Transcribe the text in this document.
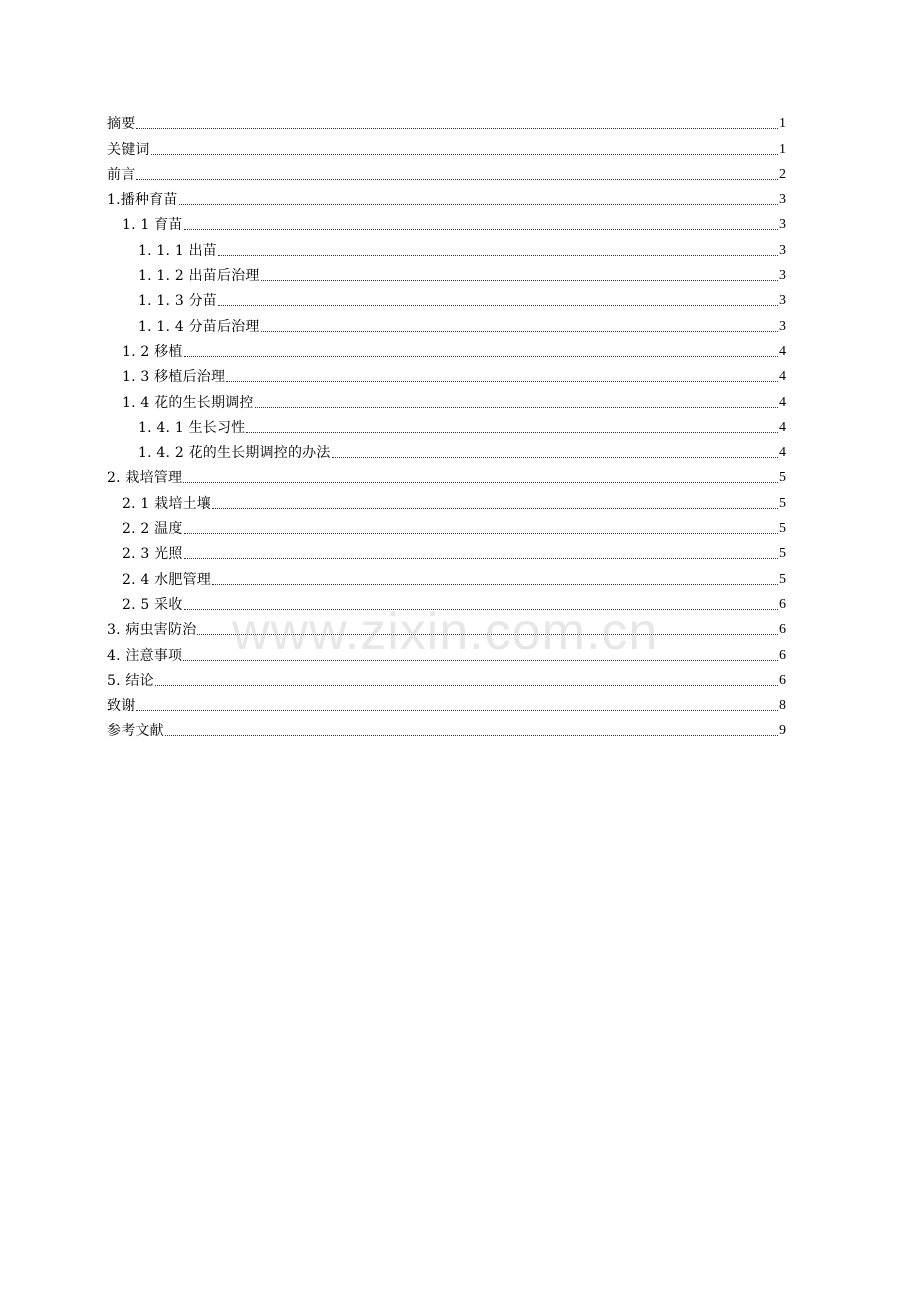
摘要	1
关键词	1
前言	2
1.播种育苗	3
1. 1 育苗	3
1. 1. 1 出苗	3
1. 1. 2 出苗后治理	3
1. 1. 3 分苗	3
1. 1. 4 分苗后治理	3
1. 2 移植	4
1. 3 移植后治理	4
1. 4 花的生长期调控	4
1. 4. 1 生长习性	4
1. 4. 2 花的生长期调控的办法	4
2. 栽培管理	5
2. 1 栽培土壤	5
2. 2 温度	5
2. 3 光照	5
2. 4 水肥管理	5
2. 5 采收	6
3. 病虫害防治	6
4. 注意事项	6
5. 结论	6
致谢	8
参考文献	9
www.zixin.com.cn
